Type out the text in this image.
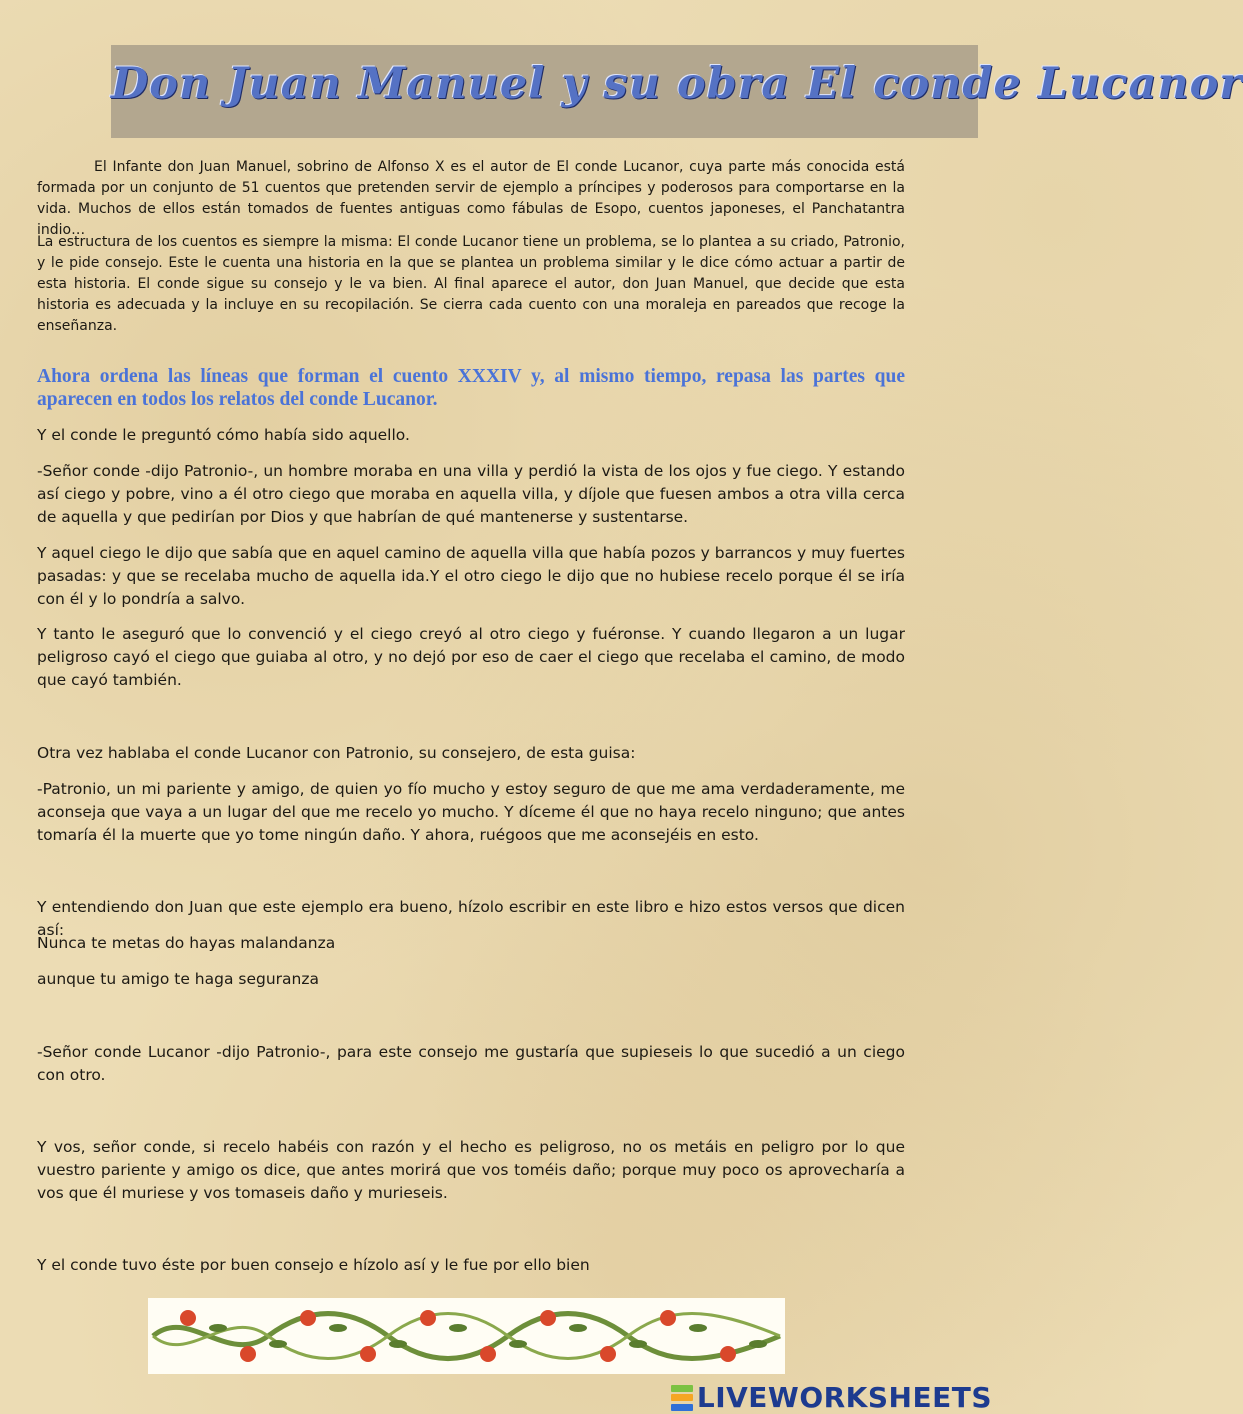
Don Juan Manuel y su obra El conde Lucanor

El Infante don Juan Manuel, sobrino de Alfonso X es el autor de El conde Lucanor, cuya parte más conocida está formada por un conjunto de 51 cuentos que pretenden servir de ejemplo a príncipes y poderosos para comportarse en la vida. Muchos de ellos están tomados de fuentes antiguas como fábulas de Esopo, cuentos japoneses, el Panchatantra indio…

La estructura de los cuentos es siempre la misma: El conde Lucanor tiene un problema, se lo plantea a su criado, Patronio, y le pide consejo. Este le cuenta una historia en la que se plantea un problema similar y le dice cómo actuar a partir de esta historia. El conde sigue su consejo y le va bien. Al final aparece el autor, don Juan Manuel, que decide que esta historia es adecuada y la incluye en su recopilación. Se cierra cada cuento con una moraleja en pareados que recoge la enseñanza.

Ahora ordena las líneas que forman el cuento XXXIV y, al mismo tiempo, repasa las partes que aparecen en todos los relatos del conde Lucanor.

Y el conde le preguntó cómo había sido aquello.

-Señor conde -dijo Patronio-, un hombre moraba en una villa y perdió la vista de los ojos y fue ciego. Y estando así ciego y pobre, vino a él otro ciego que moraba en aquella villa, y díjole que fuesen ambos a otra villa cerca de aquella y que pedirían por Dios y que habrían de qué mantenerse y sustentarse.

Y aquel ciego le dijo que sabía que en aquel camino de aquella villa que había pozos y barrancos y muy fuertes pasadas: y que se recelaba mucho de aquella ida.Y el otro ciego le dijo que no hubiese recelo porque él se iría con él y lo pondría a salvo.

Y tanto le aseguró que lo convenció y el ciego creyó al otro ciego y fuéronse. Y cuando llegaron a un lugar peligroso cayó el ciego que guiaba al otro, y no dejó por eso de caer el ciego que recelaba el camino, de modo que cayó también.

Otra vez hablaba el conde Lucanor con Patronio, su consejero, de esta guisa:

-Patronio, un mi pariente y amigo, de quien yo fío mucho y estoy seguro de que me ama verdaderamente, me aconseja que vaya a un lugar del que me recelo yo mucho. Y díceme él que no haya recelo ninguno; que antes tomaría él la muerte que yo tome ningún daño. Y ahora, ruégoos que me aconsejéis en esto.

Y entendiendo don Juan que este ejemplo era bueno, hízolo escribir en este libro e hizo estos versos que dicen así:

Nunca te metas do hayas malandanza

aunque tu amigo te haga seguranza

-Señor conde Lucanor -dijo Patronio-, para este consejo me gustaría que supieseis lo que sucedió a un ciego con otro.

Y vos, señor conde, si recelo habéis con razón y el hecho es peligroso, no os metáis en peligro por lo que vuestro pariente y amigo os dice, que antes morirá que vos toméis daño; porque muy poco os aprovecharía a vos que él muriese y vos tomaseis daño y murieseis.

Y el conde tuvo éste por buen consejo e hízolo así y le fue por ello bien

LIVEWORKSHEETS
